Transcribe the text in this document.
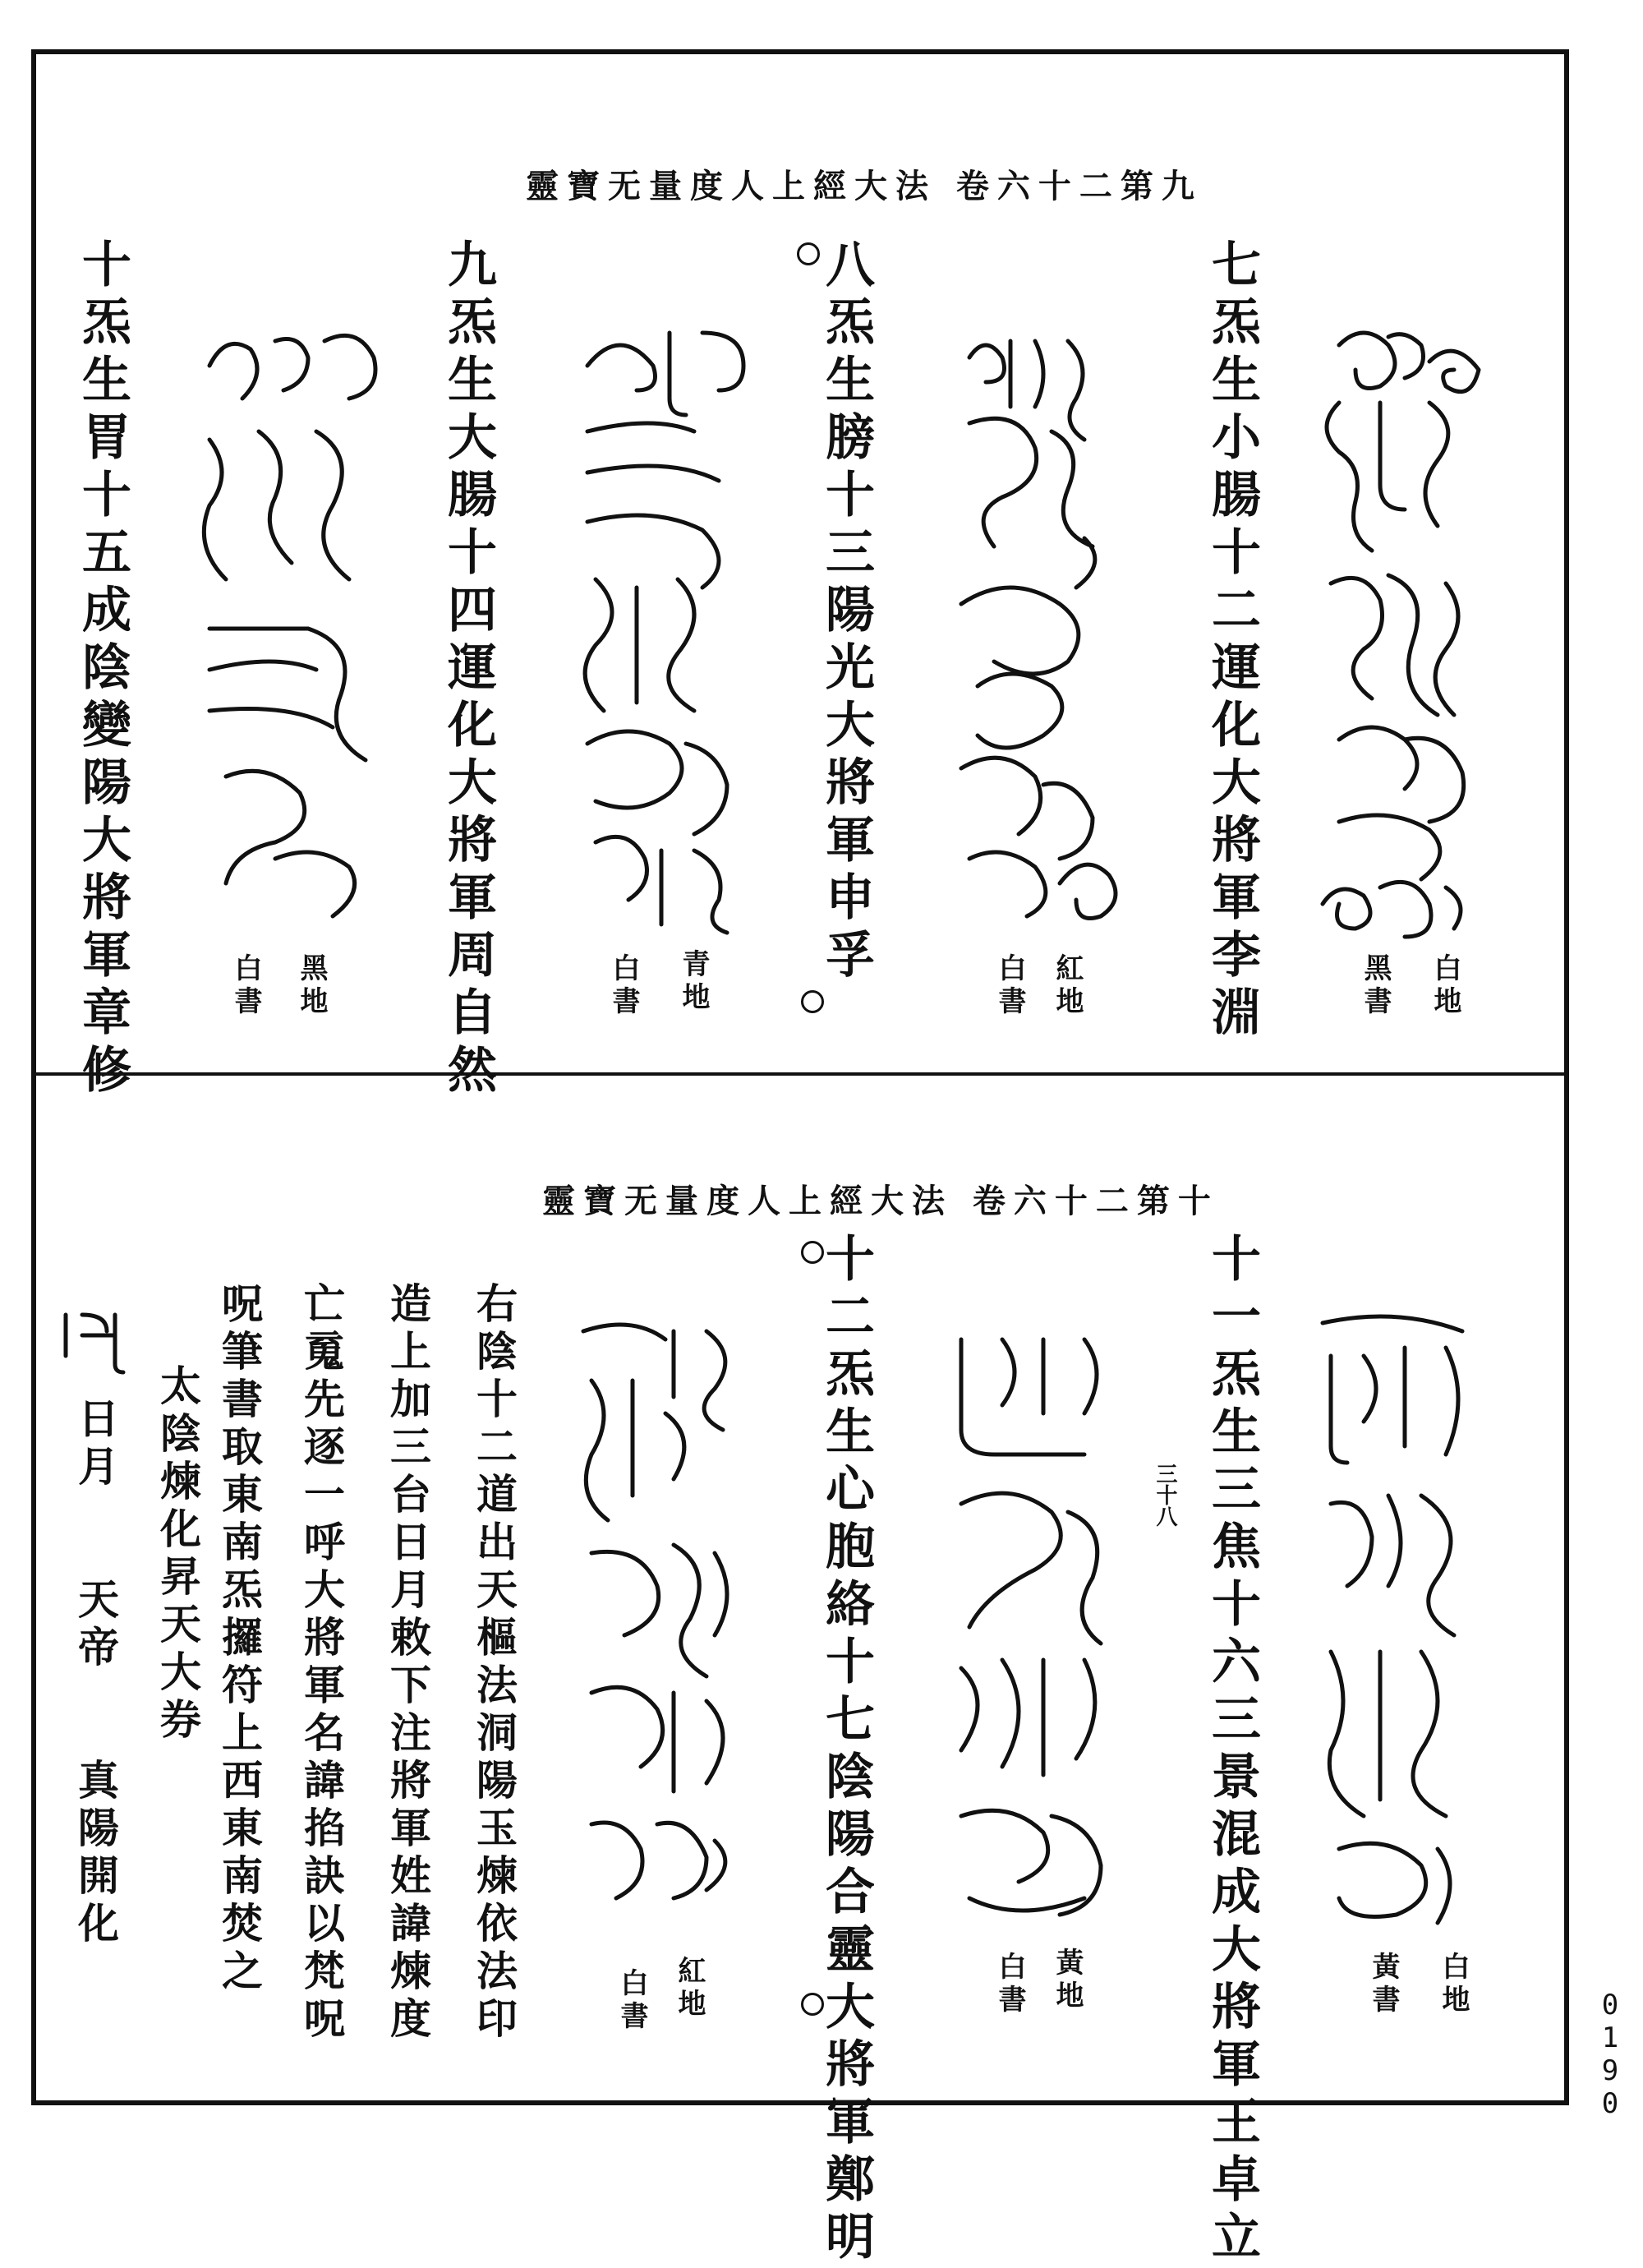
靈寶无量度人上經大法 卷六十二第九
七炁生小腸十二運化大將軍李淵	白地
黑書
八炁生膀十三陽光大將軍申孚	紅地
白書
九炁生大腸十四運化大將軍周自然	青地
白書
十炁生胃十五成陰變陽大將軍章修	黑地
白書
靈寶无量度人上經大法 卷六十二第十
十一炁生三焦十六三景混成大將軍王卓立
三十八
白地
黃書
十二炁生心胞絡十七陰陽合靈大將軍鄭明	黃地
白書
紅地
白書
右陰十二道出天樞法洞陽玉煉依法印
造上加三台日月敕下注將軍姓諱煉度
亡䰟先逐一呼大將軍名諱掐訣以梵呪
呪筆書取東南炁攞符上西東南焚之
太陰煉化昇天大券
日月
天帝
真陽開化
0190
